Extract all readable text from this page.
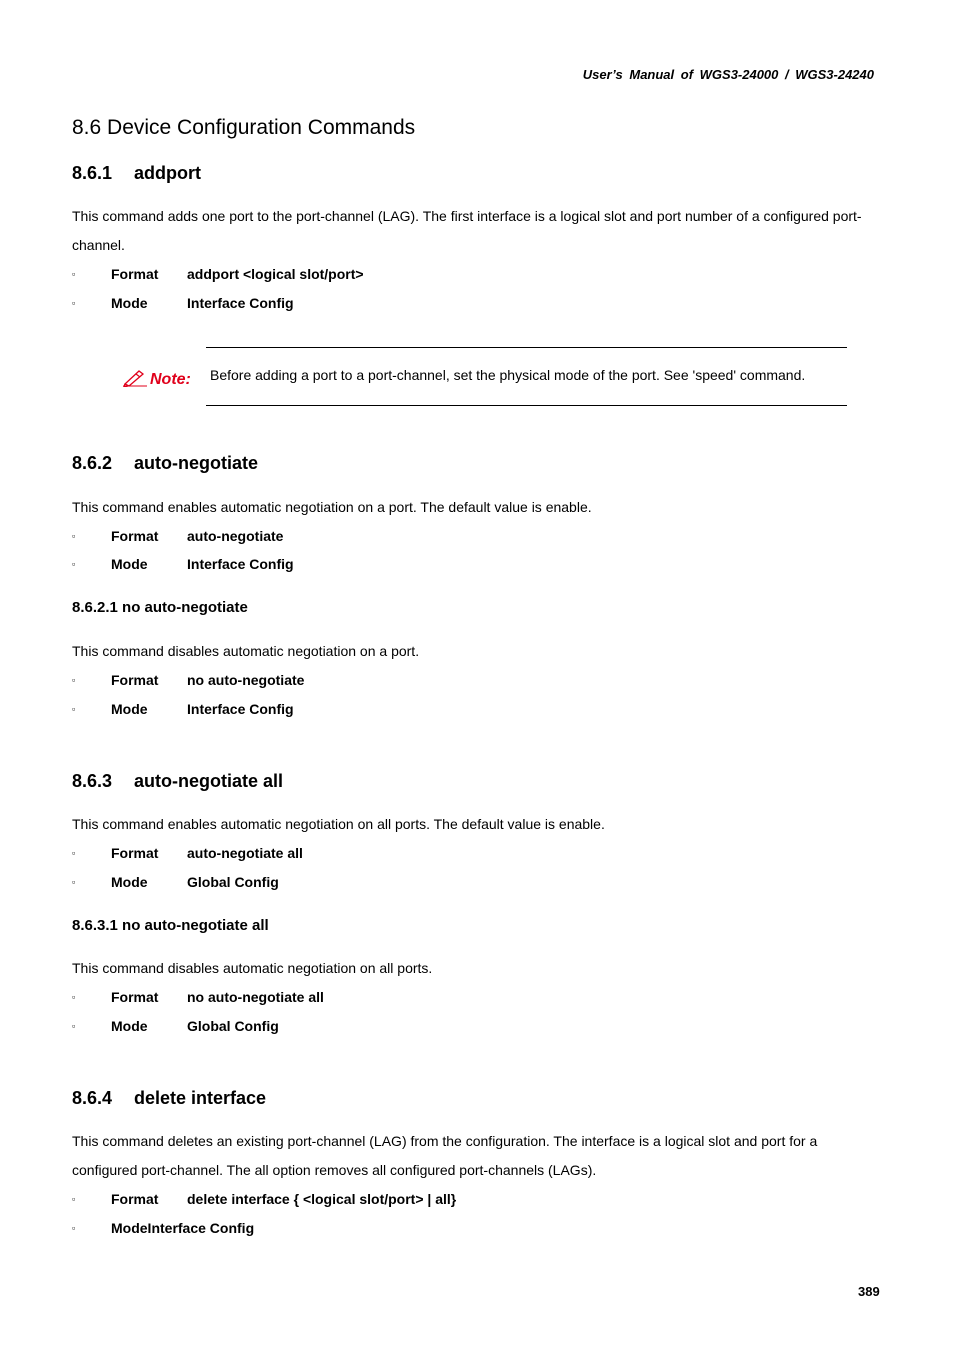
User’s Manual of WGS3-24000 / WGS3-24240
8.6 Device Configuration Commands
8.6.1 addport
This command adds one port to the port-channel (LAG). The first interface is a logical slot and port number of a configured port-channel.
▫	Format addport <logical slot/port>
▫	Mode	Interface Config
Note: Before adding a port to a port-channel, set the physical mode of the port. See 'speed' command.
8.6.2 auto-negotiate
This command enables automatic negotiation on a port. The default value is enable.
▫	Format auto-negotiate
▫	Mode	Interface Config
8.6.2.1 no auto-negotiate
This command disables automatic negotiation on a port.
▫	Format no auto-negotiate
▫	Mode	Interface Config
8.6.3 auto-negotiate all
This command enables automatic negotiation on all ports. The default value is enable.
▫	Format auto-negotiate all
▫	Mode	Global Config
8.6.3.1 no auto-negotiate all
This command disables automatic negotiation on all ports.
▫	Format no auto-negotiate all
▫	Mode	Global Config
8.6.4 delete interface
This command deletes an existing port-channel (LAG) from the configuration. The interface is a logical slot and port for a configured port-channel. The all option removes all configured port-channels (LAGs).
▫	Format delete interface { <logical slot/port> | all}
▫	ModeInterface Config
389
